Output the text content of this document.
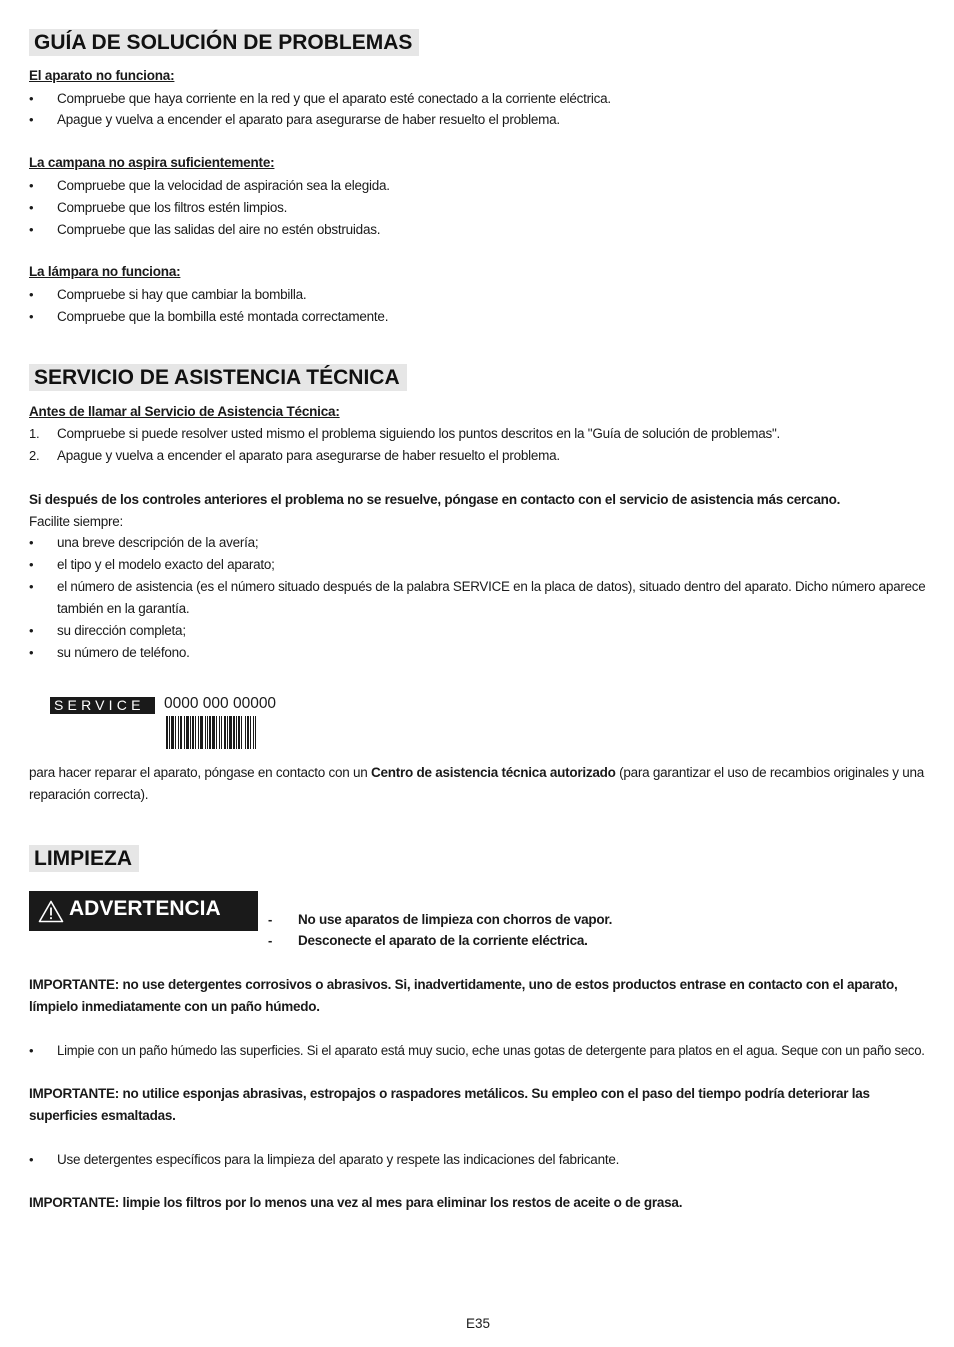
GUÍA DE SOLUCIÓN DE PROBLEMAS
El aparato no funciona:
• Compruebe que haya corriente en la red y que el aparato esté conectado a la corriente eléctrica.
• Apague y vuelva a encender el aparato para asegurarse de haber resuelto el problema.
La campana no aspira suficientemente:
• Compruebe que la velocidad de aspiración sea la elegida.
• Compruebe que los filtros estén limpios.
• Compruebe que las salidas del aire no estén obstruidas.
La lámpara no funciona:
• Compruebe si hay que cambiar la bombilla.
• Compruebe que la bombilla esté montada correctamente.
SERVICIO DE ASISTENCIA TÉCNICA
Antes de llamar al Servicio de Asistencia Técnica:
1. Compruebe si puede resolver usted mismo el problema siguiendo los puntos descritos en la "Guía de solución de problemas".
2. Apague y vuelva a encender el aparato para asegurarse de haber resuelto el problema.
Si después de los controles anteriores el problema no se resuelve, póngase en contacto con el servicio de asistencia más cercano.
Facilite siempre:
• una breve descripción de la avería;
• el tipo y el modelo exacto del aparato;
• el número de asistencia (es el número situado después de la palabra SERVICE en la placa de datos), situado dentro del aparato. Dicho número aparece
también en la garantía.
• su dirección completa;
• su número de teléfono.
SERVICE	0000 000 00000
para hacer reparar el aparato, póngase en contacto con un Centro de asistencia técnica autorizado (para garantizar el uso de recambios originales y una
reparación correcta).
LIMPIEZA
ADVERTENCIA	- No use aparatos de limpieza con chorros de vapor.
- Desconecte el aparato de la corriente eléctrica.
IMPORTANTE: no use detergentes corrosivos o abrasivos. Si, inadvertidamente, uno de estos productos entrase en contacto con el aparato,
límpielo inmediatamente con un paño húmedo.
• Limpie con un paño húmedo las superficies. Si el aparato está muy sucio, eche unas gotas de detergente para platos en el agua. Seque con un paño seco.
IMPORTANTE: no utilice esponjas abrasivas, estropajos o raspadores metálicos. Su empleo con el paso del tiempo podría deteriorar las
superficies esmaltadas.
• Use detergentes específicos para la limpieza del aparato y respete las indicaciones del fabricante.
IMPORTANTE: limpie los filtros por lo menos una vez al mes para eliminar los restos de aceite o de grasa.
E35
